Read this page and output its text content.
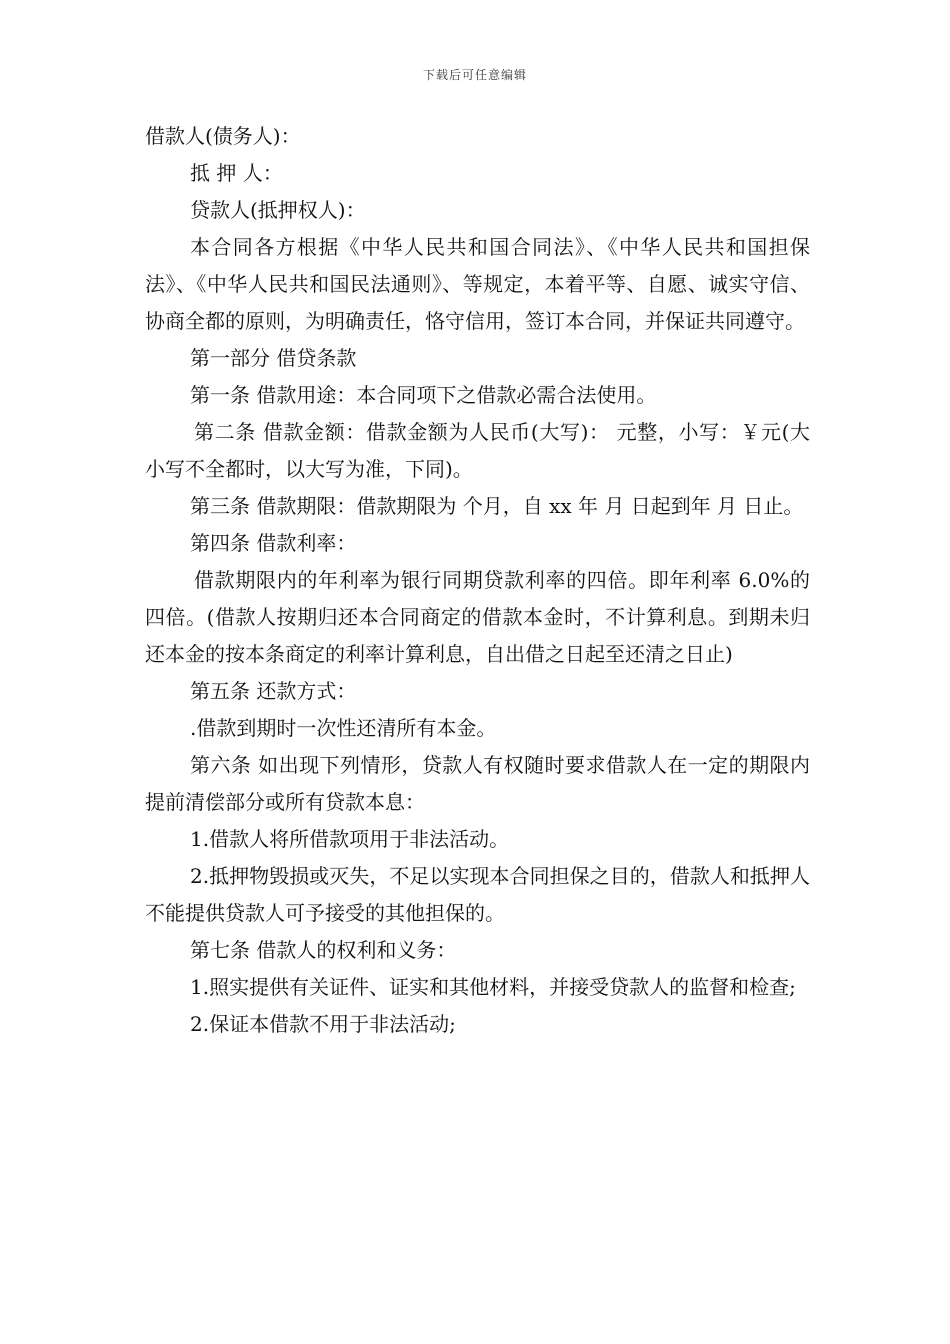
下载后可任意编辑

借款人(债务人)：

抵 押 人：

贷款人(抵押权人)：

本合同各方根据《中华人民共和国合同法》、《中华人民共和国担保法》、《中华人民共和国民法通则》、等规定，本着平等、自愿、诚实守信、协商全都的原则，为明确责任，恪守信用，签订本合同，并保证共同遵守。

第一部分 借贷条款

第一条 借款用途：本合同项下之借款必需合法使用。

第二条 借款金额：借款金额为人民币(大写)： 元整，小写：￥元(大小写不全都时，以大写为准，下同)。

第三条 借款期限：借款期限为 个月，自 xx 年 月 日起到年 月 日止。

第四条 借款利率：

借款期限内的年利率为银行同期贷款利率的四倍。即年利率 6.0%的四倍。(借款人按期归还本合同商定的借款本金时，不计算利息。到期未归还本金的按本条商定的利率计算利息，自出借之日起至还清之日止)

第五条 还款方式：

.借款到期时一次性还清所有本金。

第六条 如出现下列情形，贷款人有权随时要求借款人在一定的期限内提前清偿部分或所有贷款本息：

1.借款人将所借款项用于非法活动。

2.抵押物毁损或灭失，不足以实现本合同担保之目的，借款人和抵押人不能提供贷款人可予接受的其他担保的。

第七条 借款人的权利和义务：

1.照实提供有关证件、证实和其他材料，并接受贷款人的监督和检查;

2.保证本借款不用于非法活动;
